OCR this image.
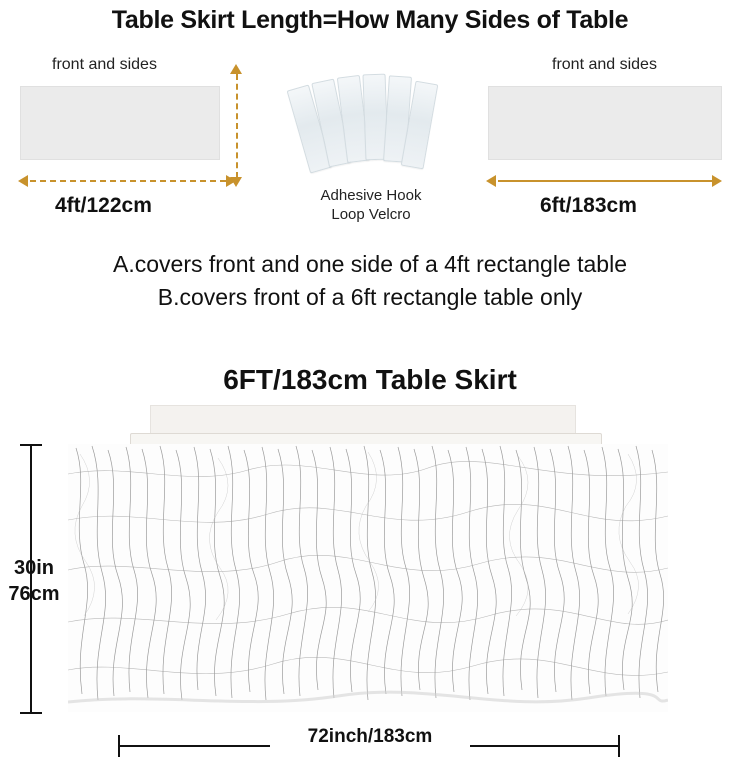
Table Skirt Length=How Many Sides of Table
front and sides
4ft/122cm	Adhesive Hook
Loop Velcro
front and sides
6ft/183cm
A.covers front and one side of a 4ft rectangle table
B.covers front of a 6ft rectangle table only
6FT/183cm Table Skirt
30in
76cm
72inch/183cm
